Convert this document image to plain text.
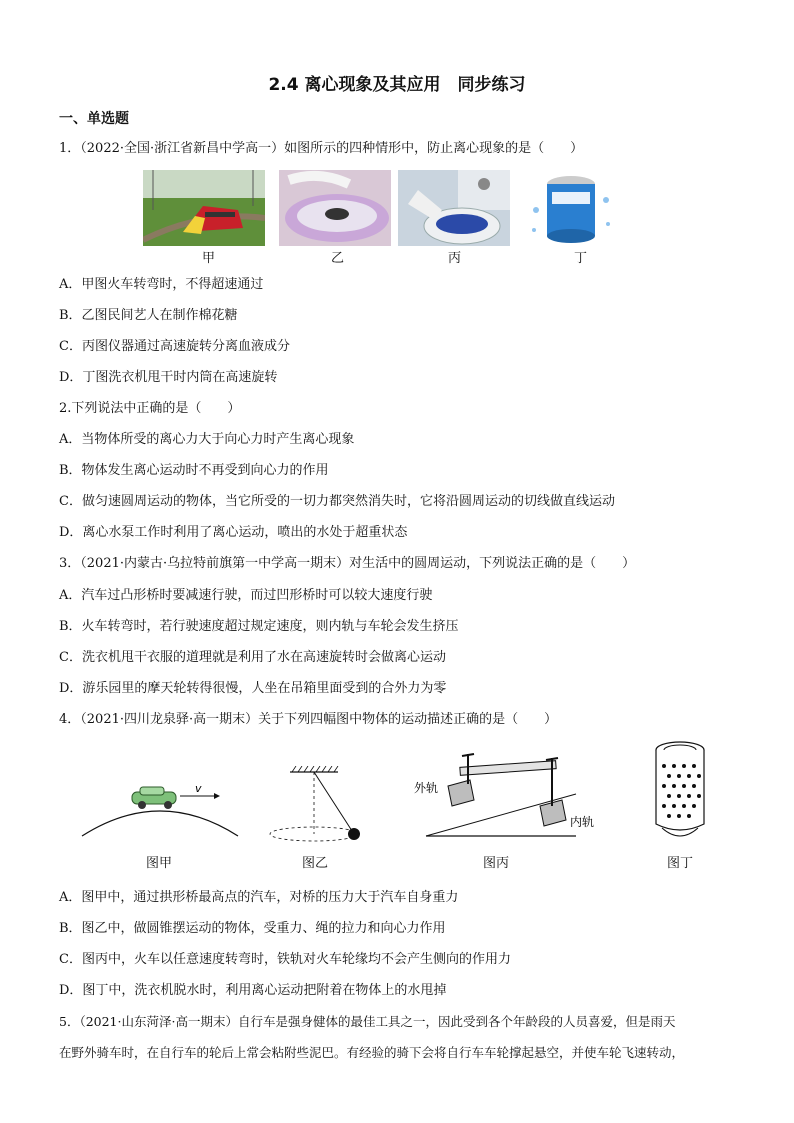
2.4 离心现象及其应用　同步练习
一、单选题
1．（2022·全国·浙江省新昌中学高一）如图所示的四种情形中，防止离心现象的是（　　）
甲	乙	丙	丁
A．甲图火车转弯时，不得超速通过
B．乙图民间艺人在制作棉花糖
C．丙图仪器通过高速旋转分离血液成分
D．丁图洗衣机甩干时内筒在高速旋转
2.下列说法中正确的是（　　）
A．当物体所受的离心力大于向心力时产生离心现象
B．物体发生离心运动时不再受到向心力的作用
C．做匀速圆周运动的物体，当它所受的一切力都突然消失时，它将沿圆周运动的切线做直线运动
D．离心水泵工作时利用了离心运动，喷出的水处于超重状态
3．（2021·内蒙古·乌拉特前旗第一中学高一期末）对生活中的圆周运动，下列说法正确的是（　　）
A．汽车过凸形桥时要减速行驶，而过凹形桥时可以较大速度行驶
B．火车转弯时，若行驶速度超过规定速度，则内轨与车轮会发生挤压
C．洗衣机甩干衣服的道理就是利用了水在高速旋转时会做离心运动
D．游乐园里的摩天轮转得很慢，人坐在吊箱里面受到的合外力为零
4．（2021·四川龙泉驿·高一期末）关于下列四幅图中物体的运动描述正确的是（　　）
v	外轨
内轨
图甲	图乙	图丙	图丁
A．图甲中，通过拱形桥最高点的汽车，对桥的压力大于汽车自身重力
B．图乙中，做圆锥摆运动的物体，受重力、绳的拉力和向心力作用
C．图丙中，火车以任意速度转弯时，铁轨对火车轮缘均不会产生侧向的作用力
D．图丁中，洗衣机脱水时，利用离心运动把附着在物体上的水甩掉
5．（2021·山东菏泽·高一期末）自行车是强身健体的最佳工具之一，因此受到各个年龄段的人员喜爱，但是雨天
在野外骑车时，在自行车的轮后上常会粘附些泥巴。有经验的骑下会将自行车车轮撑起悬空，并使车轮飞速转动，
